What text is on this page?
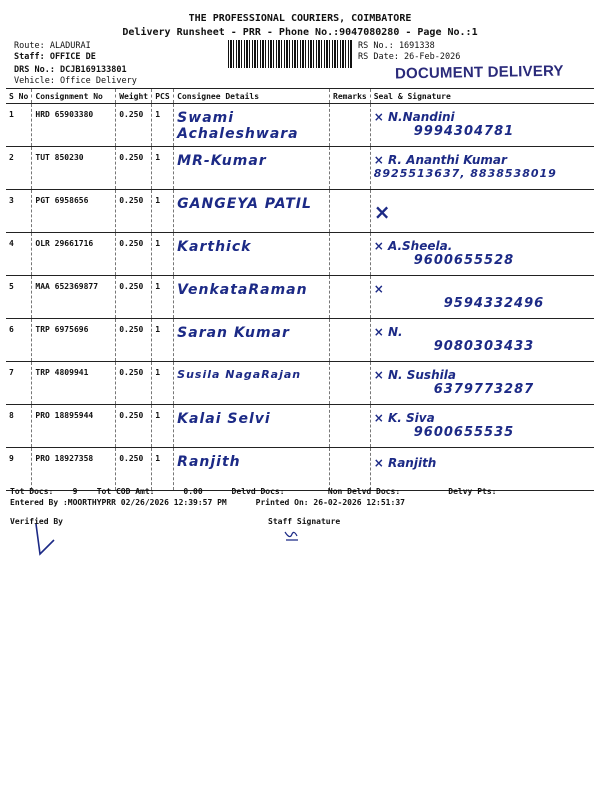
THE PROFESSIONAL COURIERS, COIMBATORE
Delivery Runsheet - PRR - Phone No.:9047080280 - Page No.:1
Route: ALADURAI
Staff: OFFICE DE
DRS No.: DCJB169133801
Vehicle: Office Delivery
RS No.: 1691338
RS Date: 26-Feb-2026
DOCUMENT DELIVERY
S No	Consignment No	Weight	PCS	Consignee Details	Remarks	Seal & Signature
1	HRD 65903380	0.250	1	Swami Achaleshwara		× N.Nandini
9994304781

2	TUT 850230	0.250	1	MR-Kumar		× R. Ananthi Kumar
8925513637, 8838538019

3	PGT 6958656	0.250	1	GANGEYA PATIL		×

4	OLR 29661716	0.250	1	Karthick		× A.Sheela.
9600655528

5	MAA 652369877	0.250	1	VenkataRaman		×
9594332496

6	TRP 6975696	0.250	1	Saran Kumar		× N.
9080303433

7	TRP 4809941	0.250	1	Susila NagaRajan		× N. Sushila
6379773287

8	PRO 18895944	0.250	1	Kalai Selvi		× K. Siva
9600655535

9	PRO 18927358	0.250	1	Ranjith		× Ranjith
Tot Docs:    9    Tot COD Amt:      0.00      Delvd Docs:         Non Delvd Docs:          Delvy Pts:
Entered By :MOORTHYPRR 02/26/2026 12:39:57 PM      Printed On: 26-02-2026 12:51:37
Verified By	Staff Signature
